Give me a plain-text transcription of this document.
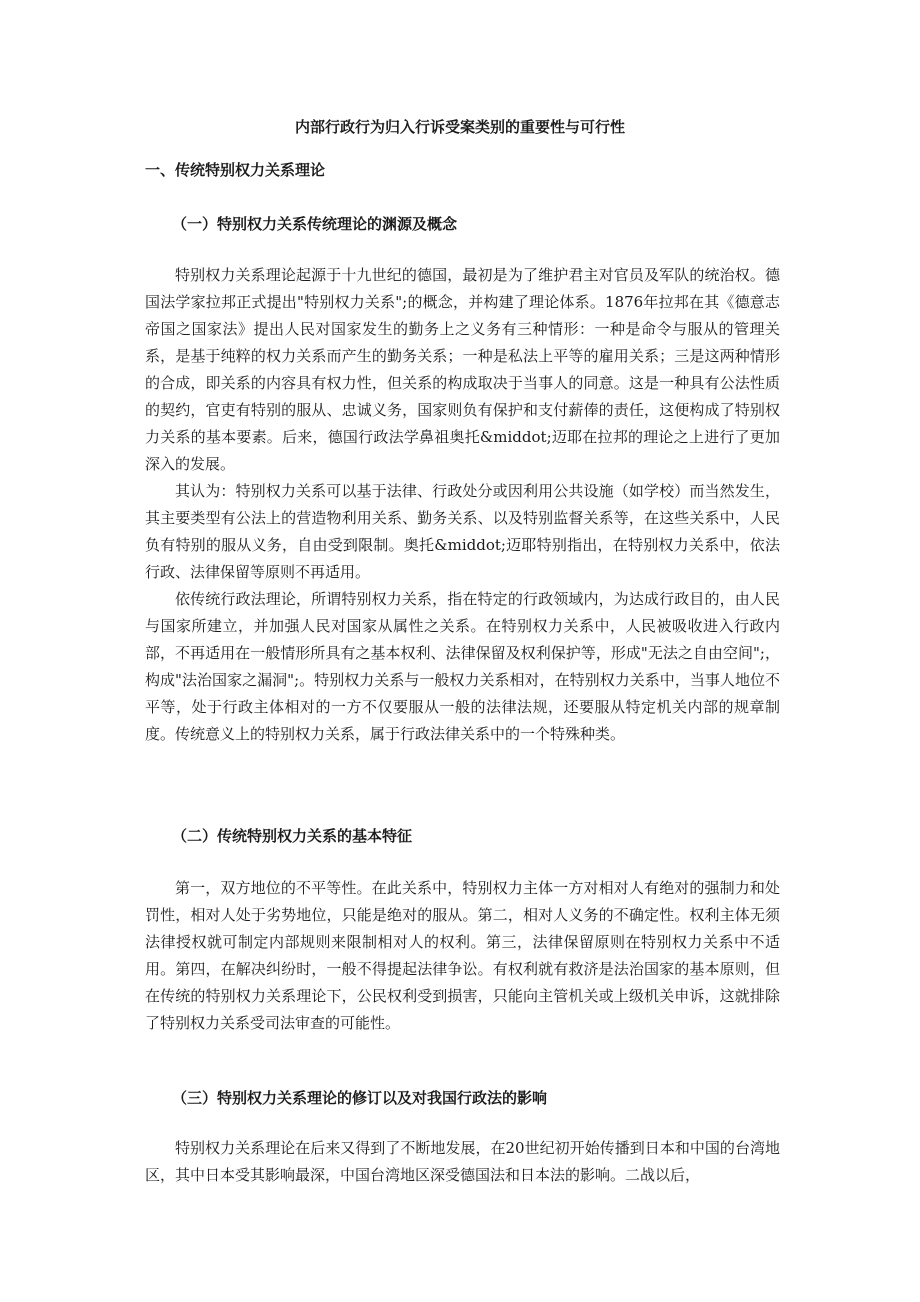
内部行政行为归入行诉受案类别的重要性与可行性
一、传统特别权力关系理论
（一）特别权力关系传统理论的渊源及概念

特别权力关系理论起源于十九世纪的德国，最初是为了维护君主对官员及军队的统治权。德国法学家拉邦正式提出"特别权力关系";的概念，并构建了理论体系。1876年拉邦在其《德意志帝国之国家法》提出人民对国家发生的勤务上之义务有三种情形：一种是命令与服从的管理关系，是基于纯粹的权力关系而产生的勤务关系；一种是私法上平等的雇用关系；三是这两种情形的合成，即关系的内容具有权力性，但关系的构成取决于当事人的同意。这是一种具有公法性质的契约，官吏有特别的服从、忠诚义务，国家则负有保护和支付薪俸的责任，这便构成了特别权力关系的基本要素。后来，德国行政法学鼻祖奥托&middot;迈耶在拉邦的理论之上进行了更加深入的发展。

其认为：特别权力关系可以基于法律、行政处分或因利用公共设施（如学校）而当然发生，其主要类型有公法上的营造物利用关系、勤务关系、以及特别监督关系等，在这些关系中，人民负有特别的服从义务，自由受到限制。奥托&middot;迈耶特别指出，在特别权力关系中，依法行政、法律保留等原则不再适用。

依传统行政法理论，所谓特别权力关系，指在特定的行政领域内，为达成行政目的，由人民与国家所建立，并加强人民对国家从属性之关系。在特别权力关系中，人民被吸收进入行政内部，不再适用在一般情形所具有之基本权利、法律保留及权利保护等，形成"无法之自由空间";，构成"法治国家之漏洞";。特别权力关系与一般权力关系相对，在特别权力关系中，当事人地位不平等，处于行政主体相对的一方不仅要服从一般的法律法规，还要服从特定机关内部的规章制度。传统意义上的特别权力关系，属于行政法律关系中的一个特殊种类。

（二）传统特别权力关系的基本特征

第一，双方地位的不平等性。在此关系中，特别权力主体一方对相对人有绝对的强制力和处罚性，相对人处于劣势地位，只能是绝对的服从。第二，相对人义务的不确定性。权利主体无须法律授权就可制定内部规则来限制相对人的权利。第三，法律保留原则在特别权力关系中不适用。第四，在解决纠纷时，一般不得提起法律争讼。有权利就有救济是法治国家的基本原则，但在传统的特别权力关系理论下，公民权利受到损害，只能向主管机关或上级机关申诉，这就排除了特别权力关系受司法审查的可能性。

（三）特别权力关系理论的修订以及对我国行政法的影响

特别权力关系理论在后来又得到了不断地发展，在20世纪初开始传播到日本和中国的台湾地区，其中日本受其影响最深，中国台湾地区深受德国法和日本法的影响。二战以后，
